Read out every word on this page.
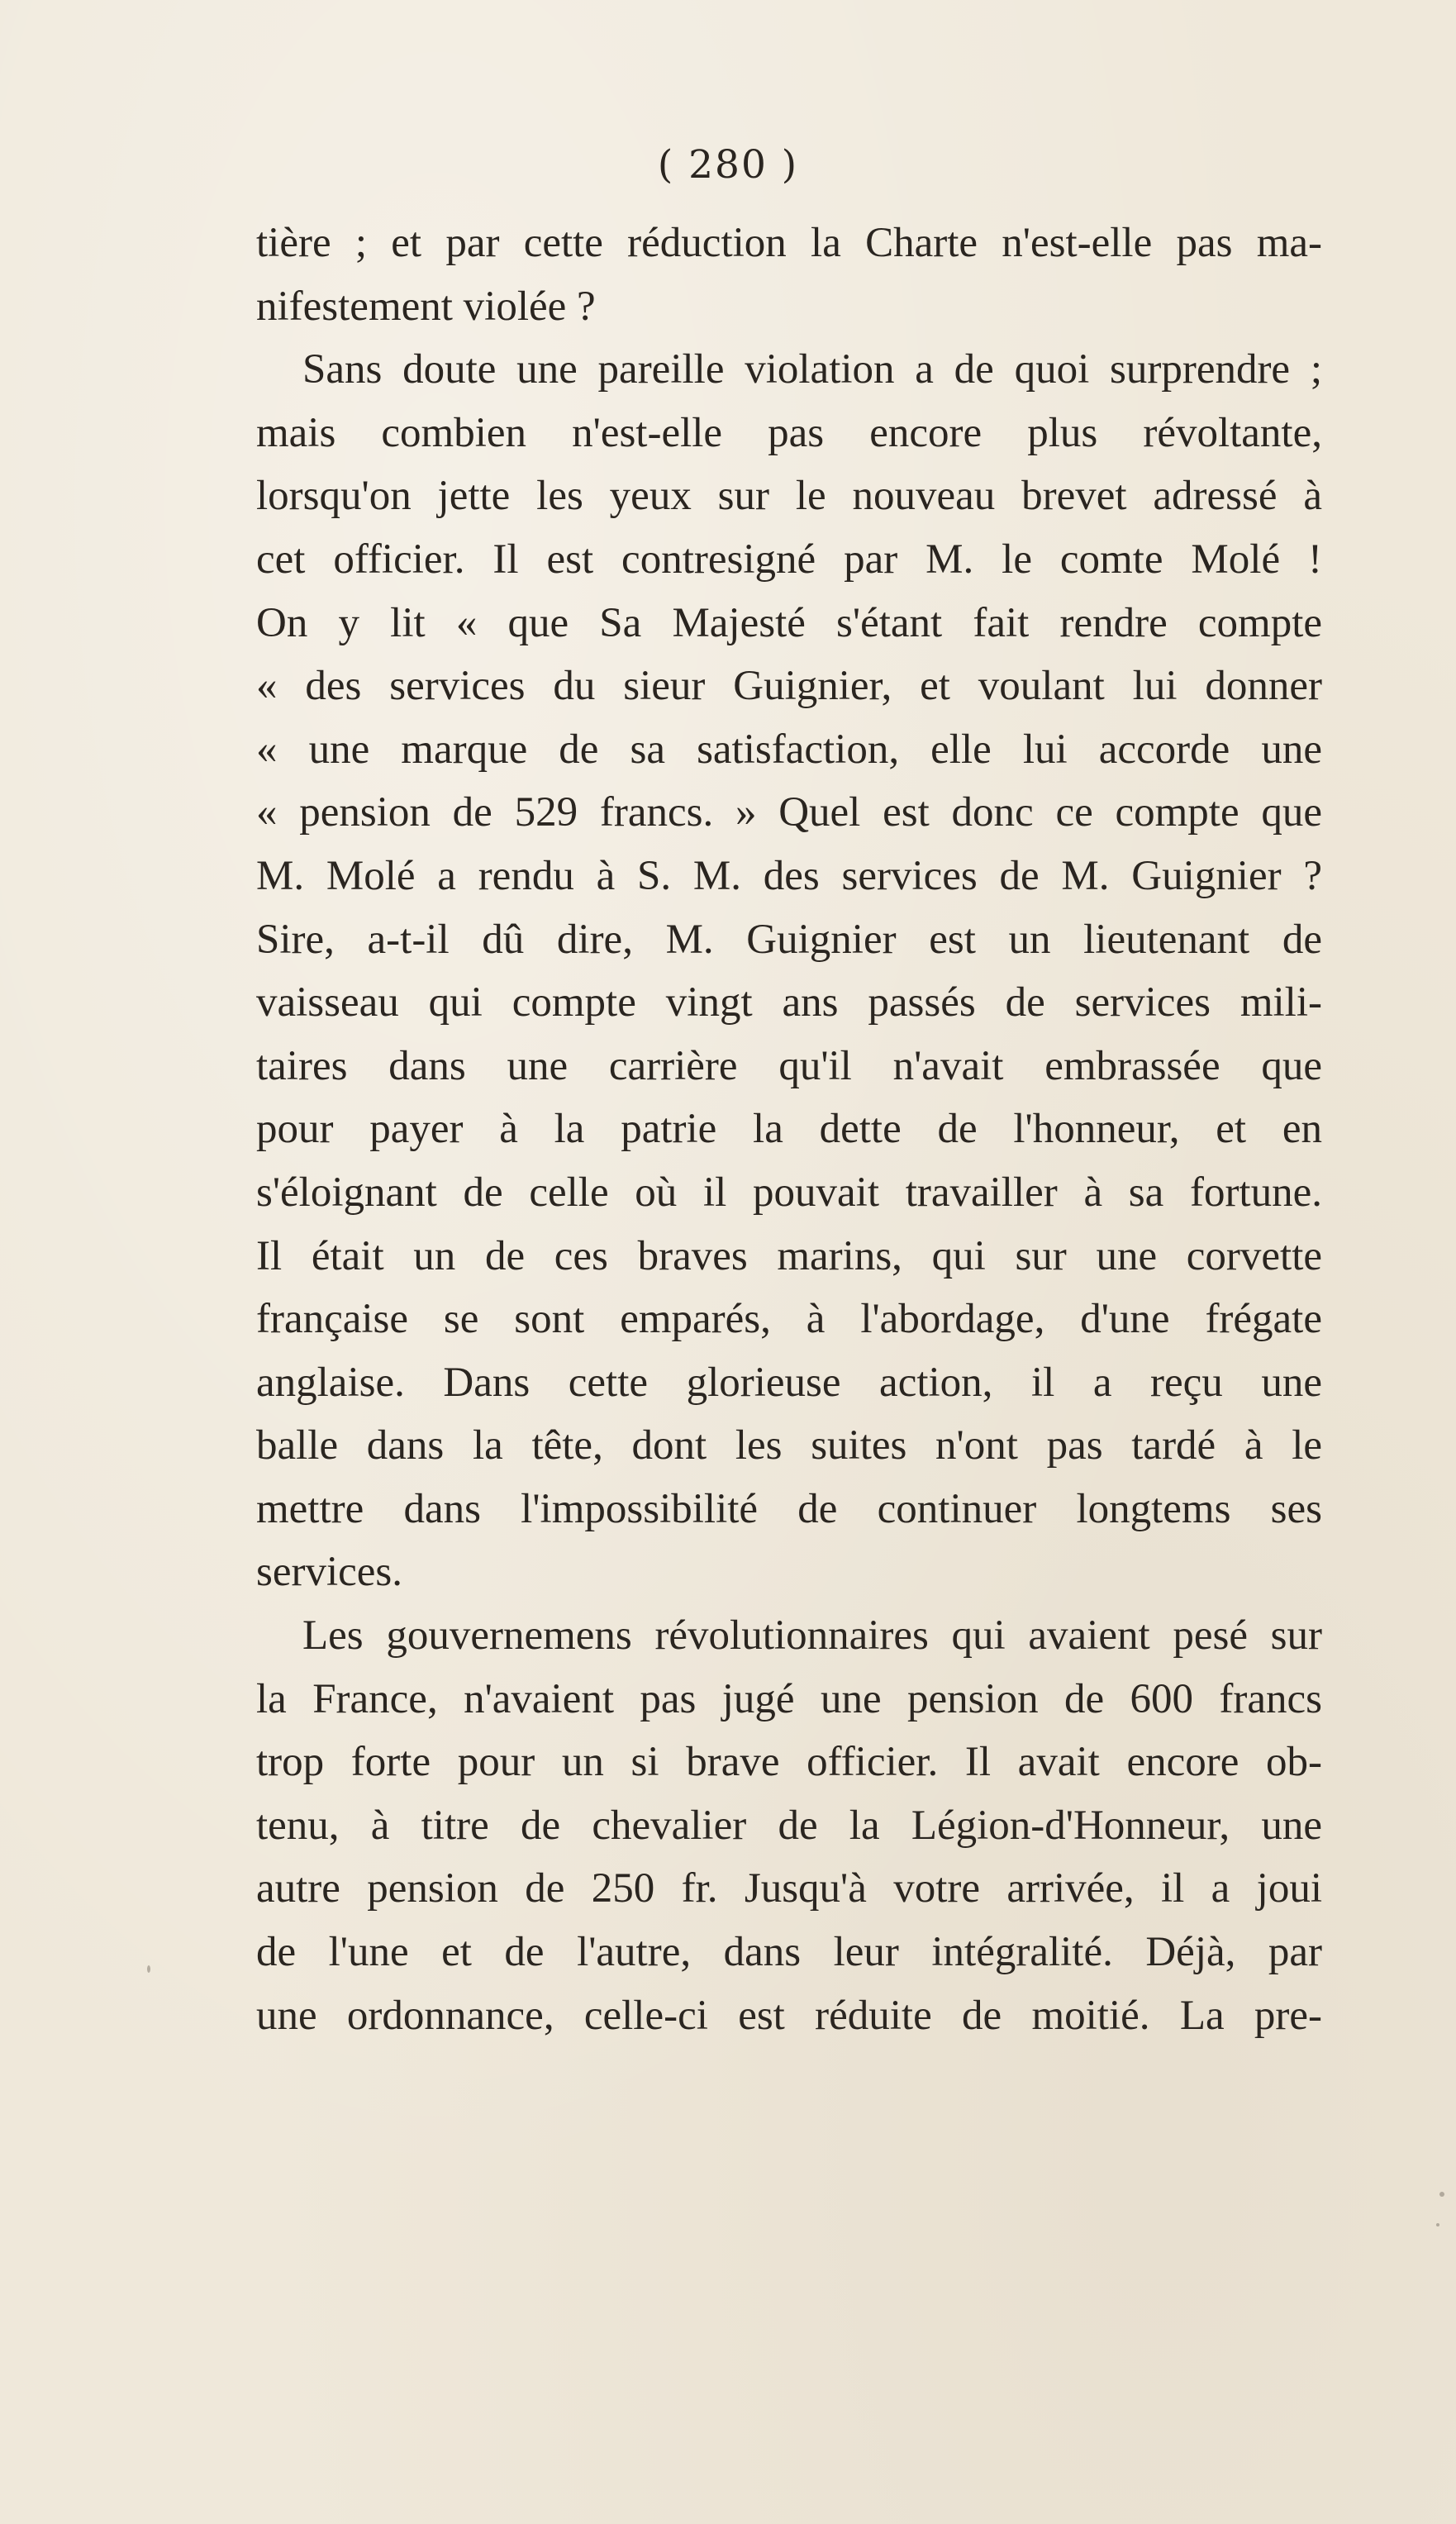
( 280 )
tière ; et par cette réduction la Charte n'est-elle pas ma-
nifestement violée ?
Sans doute une pareille violation a de quoi surprendre ;
mais combien n'est-elle pas encore plus révoltante,
lorsqu'on jette les yeux sur le nouveau brevet adressé à
cet officier. Il est contresigné par M. le comte Molé !
On y lit « que Sa Majesté s'étant fait rendre compte
« des services du sieur Guignier, et voulant lui donner
« une marque de sa satisfaction, elle lui accorde une
« pension de 529 francs. » Quel est donc ce compte que
M. Molé a rendu à S. M. des services de M. Guignier ?
Sire, a-t-il dû dire, M. Guignier est un lieutenant de
vaisseau qui compte vingt ans passés de services mili-
taires dans une carrière qu'il n'avait embrassée que
pour payer à la patrie la dette de l'honneur, et en
s'éloignant de celle où il pouvait travailler à sa fortune.
Il était un de ces braves marins, qui sur une corvette
française se sont emparés, à l'abordage, d'une frégate
anglaise. Dans cette glorieuse action, il a reçu une
balle dans la tête, dont les suites n'ont pas tardé à le
mettre dans l'impossibilité de continuer longtems ses
services.
Les gouvernemens révolutionnaires qui avaient pesé sur
la France, n'avaient pas jugé une pension de 600 francs
trop forte pour un si brave officier. Il avait encore ob-
tenu, à titre de chevalier de la Légion-d'Honneur, une
autre pension de 250 fr. Jusqu'à votre arrivée, il a joui
de l'une et de l'autre, dans leur intégralité. Déjà, par
une ordonnance, celle-ci est réduite de moitié. La pre-
